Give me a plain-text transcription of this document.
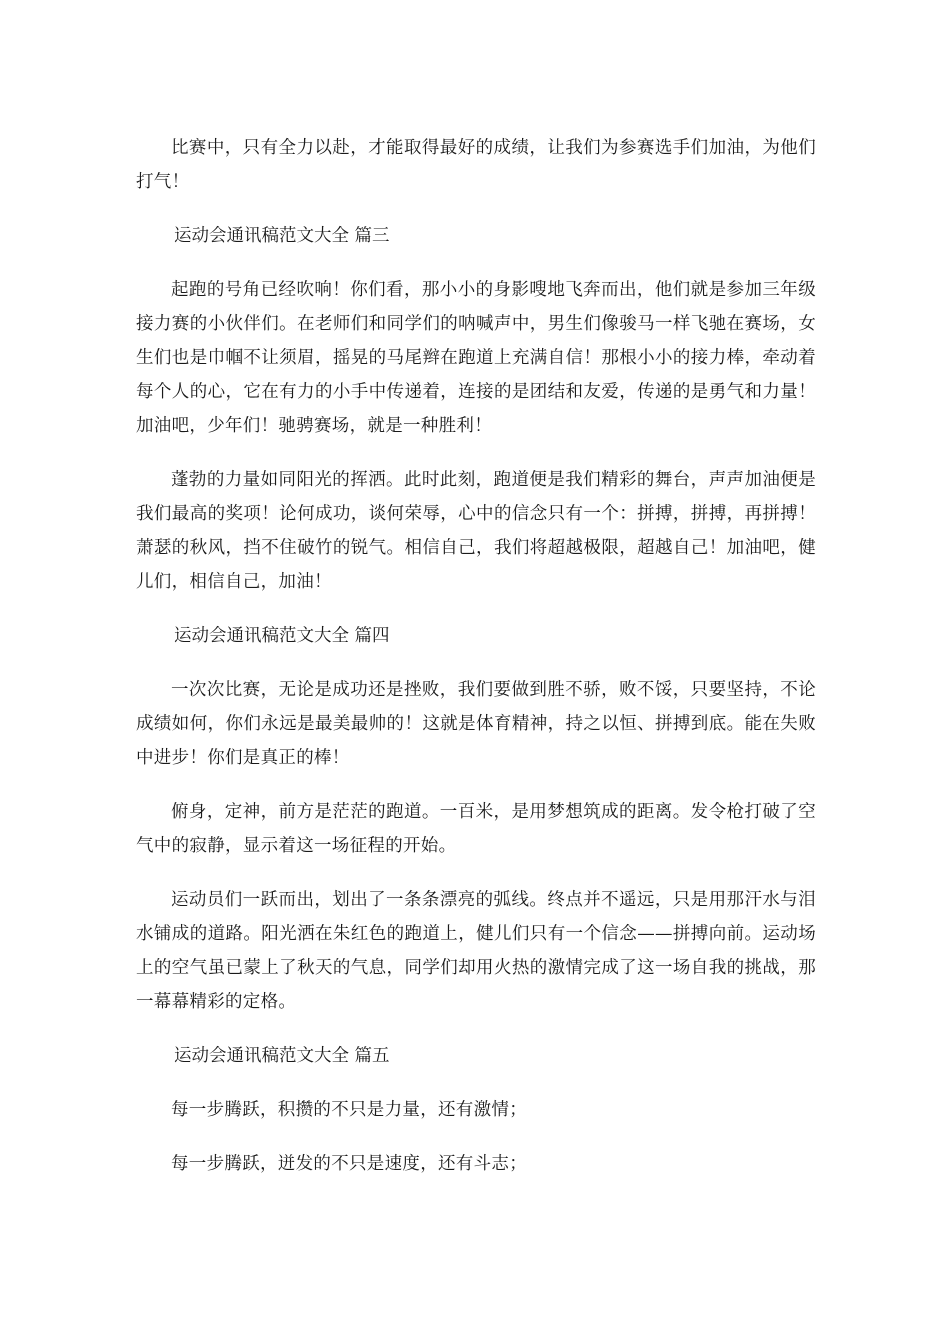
比赛中，只有全力以赴，才能取得最好的成绩，让我们为参赛选手们加油，为他们打气！

运动会通讯稿范文大全 篇三

起跑的号角已经吹响！你们看，那小小的身影嗖地飞奔而出，他们就是参加三年级接力赛的小伙伴们。在老师们和同学们的呐喊声中，男生们像骏马一样飞驰在赛场，女生们也是巾帼不让须眉，摇晃的马尾辫在跑道上充满自信！那根小小的接力棒，牵动着每个人的心，它在有力的小手中传递着，连接的是团结和友爱，传递的是勇气和力量！加油吧，少年们！驰骋赛场，就是一种胜利！

蓬勃的力量如同阳光的挥洒。此时此刻，跑道便是我们精彩的舞台，声声加油便是我们最高的奖项！论何成功，谈何荣辱，心中的信念只有一个：拼搏，拼搏，再拼搏！萧瑟的秋风，挡不住破竹的锐气。相信自己，我们将超越极限，超越自己！加油吧，健儿们，相信自己，加油！

运动会通讯稿范文大全 篇四

一次次比赛，无论是成功还是挫败，我们要做到胜不骄，败不馁，只要坚持，不论成绩如何，你们永远是最美最帅的！这就是体育精神，持之以恒、拼搏到底。能在失败中进步！你们是真正的棒！

俯身，定神，前方是茫茫的跑道。一百米，是用梦想筑成的距离。发令枪打破了空气中的寂静，显示着这一场征程的开始。

运动员们一跃而出，划出了一条条漂亮的弧线。终点并不遥远，只是用那汗水与泪水铺成的道路。阳光洒在朱红色的跑道上，健儿们只有一个信念——拼搏向前。运动场上的空气虽已蒙上了秋天的气息，同学们却用火热的激情完成了这一场自我的挑战，那一幕幕精彩的定格。

运动会通讯稿范文大全 篇五

每一步腾跃，积攒的不只是力量，还有激情；

每一步腾跃，迸发的不只是速度，还有斗志；
